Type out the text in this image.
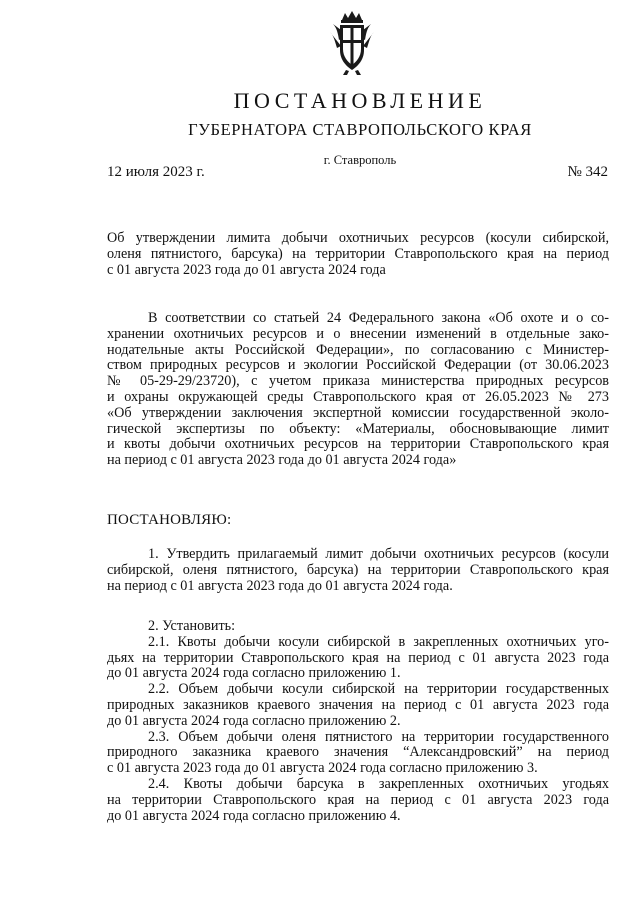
ПОСТАНОВЛЕНИЕ
ГУБЕРНАТОРА СТАВРОПОЛЬСКОГО КРАЯ
г. Ставрополь
12 июля 2023 г.	№ 342
Об утверждении лимита добычи охотничьих ресурсов (косули сибирской,
оленя пятнистого, барсука) на территории Ставропольского края на период
с 01 августа 2023 года до 01 августа 2024 года
В соответствии со статьей 24 Федерального закона «Об охоте и о со-
хранении охотничьих ресурсов и о внесении изменений в отдельные зако-
нодательные акты Российской Федерации», по согласованию с Министер-
ством природных ресурсов и экологии Российской Федерации (от 30.06.2023
№ 05-29-29/23720), с учетом приказа министерства природных ресурсов
и охраны окружающей среды Ставропольского края от 26.05.2023 № 273
«Об утверждении заключения экспертной комиссии государственной эколо-
гической экспертизы по объекту: «Материалы, обосновывающие лимит
и квоты добычи охотничьих ресурсов на территории Ставропольского края
на период с 01 августа 2023 года до 01 августа 2024 года»
ПОСТАНОВЛЯЮ:
1. Утвердить прилагаемый лимит добычи охотничьих ресурсов (косули
сибирской, оленя пятнистого, барсука) на территории Ставропольского края
на период с 01 августа 2023 года до 01 августа 2024 года.
2. Установить:
2.1. Квоты добычи косули сибирской в закрепленных охотничьих уго-
дьях на территории Ставропольского края на период с 01 августа 2023 года
до 01 августа 2024 года согласно приложению 1.
2.2. Объем добычи косули сибирской на территории государственных
природных заказников краевого значения на период с 01 августа 2023 года
до 01 августа 2024 года согласно приложению 2.
2.3. Объем добычи оленя пятнистого на территории государственного
природного заказника краевого значения “Александровский” на период
с 01 августа 2023 года до 01 августа 2024 года согласно приложению 3.
2.4. Квоты добычи барсука в закрепленных охотничьих угодьях
на территории Ставропольского края на период с 01 августа 2023 года
до 01 августа 2024 года согласно приложению 4.
